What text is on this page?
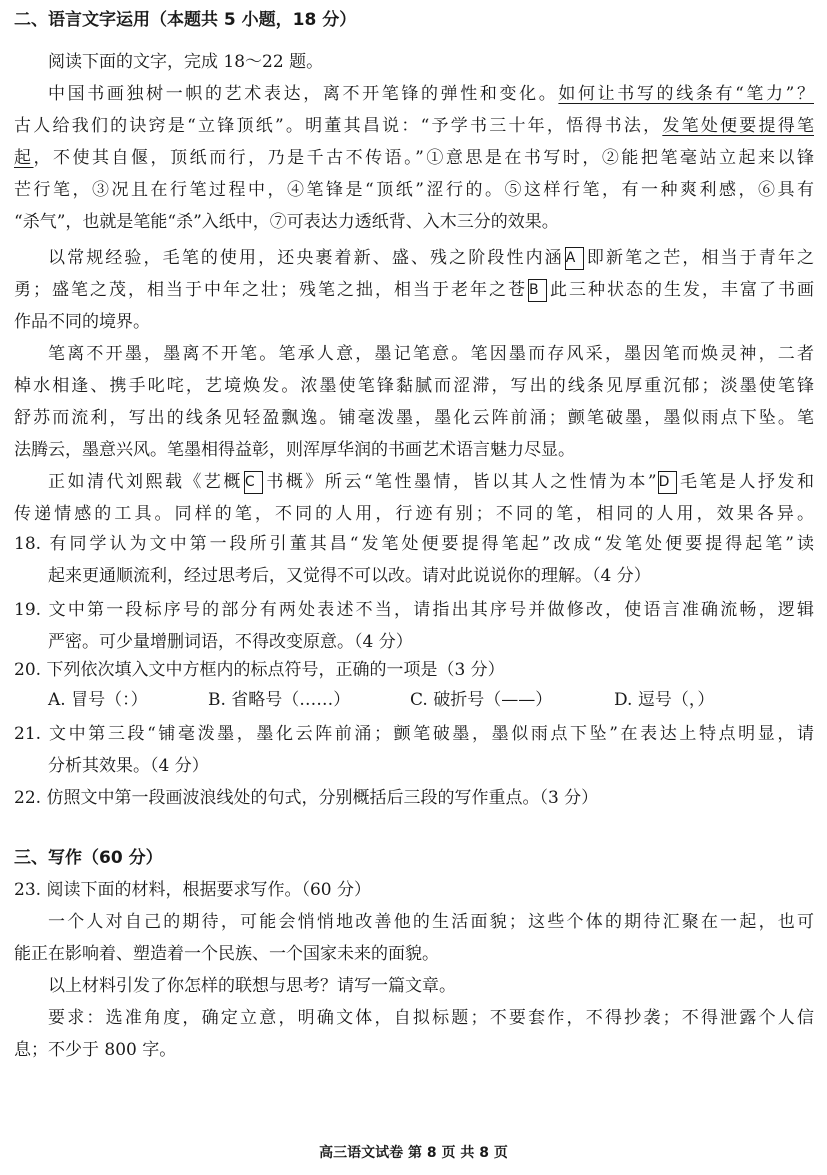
二、语言文字运用（本题共 5 小题，18 分）
阅读下面的文字，完成 18～22 题。
中国书画独树一帜的艺术表达，离不开笔锋的弹性和变化。如何让书写的线条有“笔力”？
古人给我们的诀窍是“立锋顶纸”。明董其昌说：“予学书三十年，悟得书法，发笔处便要提得笔
起，不使其自偃，顶纸而行，乃是千古不传语。”①意思是在书写时，②能把笔毫站立起来以锋
芒行笔，③况且在行笔过程中，④笔锋是“顶纸”涩行的。⑤这样行笔，有一种爽利感，⑥具有
“杀气”，也就是笔能“杀”入纸中，⑦可表达力透纸背、入木三分的效果。
以常规经验，毛笔的使用，还央裹着新、盛、残之阶段性内涵 A 即新笔之芒，相当于青年之
勇；盛笔之茂，相当于中年之壮；残笔之拙，相当于老年之苍 B 此三种状态的生发，丰富了书画
作品不同的境界。
笔离不开墨，墨离不开笔。笔承人意，墨记笔意。笔因墨而存风采，墨因笔而焕灵神，二者
棹水相逢、携手叱咤，艺境焕发。浓墨使笔锋黏腻而涩滞，写出的线条见厚重沉郁；淡墨使笔锋
舒苏而流利，写出的线条见轻盈飘逸。铺毫泼墨，墨化云阵前涌；颤笔破墨，墨似雨点下坠。笔
法腾云，墨意兴风。笔墨相得益彰，则浑厚华润的书画艺术语言魅力尽显。
正如清代刘熙载《艺概 C 书概》所云“笔性墨情，皆以其人之性情为本” D 毛笔是人抒发和
传递情感的工具。同样的笔，不同的人用，行迹有别；不同的笔，相同的人用，效果各异。
18. 有同学认为文中第一段所引董其昌“发笔处便要提得笔起”改成“发笔处便要提得起笔”读
起来更通顺流利，经过思考后，又觉得不可以改。请对此说说你的理解。（4 分）
19. 文中第一段标序号的部分有两处表述不当，请指出其序号并做修改，使语言准确流畅，逻辑
严密。可少量增删词语，不得改变原意。（4 分）
20. 下列依次填入文中方框内的标点符号，正确的一项是（3 分）
A. 冒号（：）	B. 省略号（……）	C. 破折号（——）	D. 逗号（，）
21. 文中第三段“铺毫泼墨，墨化云阵前涌；颤笔破墨，墨似雨点下坠”在表达上特点明显，请
分析其效果。（4 分）
22. 仿照文中第一段画波浪线处的句式，分别概括后三段的写作重点。（3 分）
三、写作（60 分）
23. 阅读下面的材料，根据要求写作。（60 分）
一个人对自己的期待，可能会悄悄地改善他的生活面貌；这些个体的期待汇聚在一起，也可
能正在影响着、塑造着一个民族、一个国家未来的面貌。
以上材料引发了你怎样的联想与思考？请写一篇文章。
要求：选准角度，确定立意，明确文体，自拟标题；不要套作，不得抄袭；不得泄露个人信
息；不少于 800 字。
高三语文试卷 第 8 页 共 8 页
